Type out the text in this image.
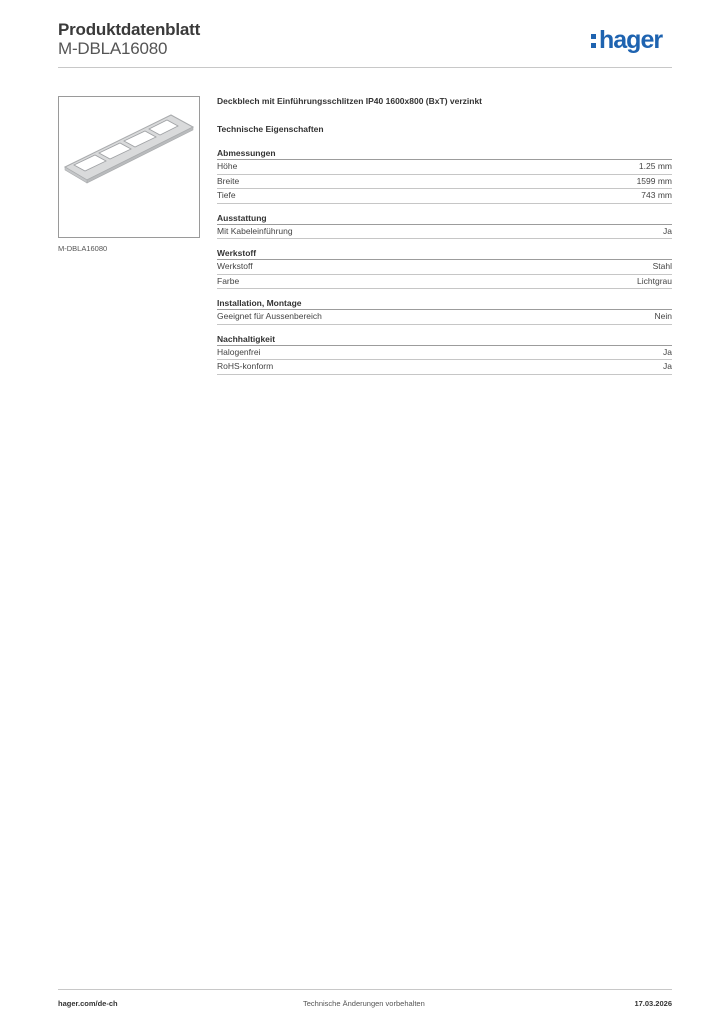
Produktdatenblatt
M-DBLA16080	hager
M-DBLA16080
Deckblech mit Einführungsschlitzen IP40 1600x800 (BxT) verzinkt
Technische Eigenschaften
Abmessungen
Höhe	1.25 mm
Breite	1599 mm
Tiefe	743 mm
Ausstattung
Mit Kabeleinführung	Ja
Werkstoff
Werkstoff	Stahl
Farbe	Lichtgrau
Installation, Montage
Geeignet für Aussenbereich	Nein
Nachhaltigkeit
Halogenfrei	Ja
RoHS-konform	Ja
hager.com/de-ch	Technische Änderungen vorbehalten	17.03.2026
